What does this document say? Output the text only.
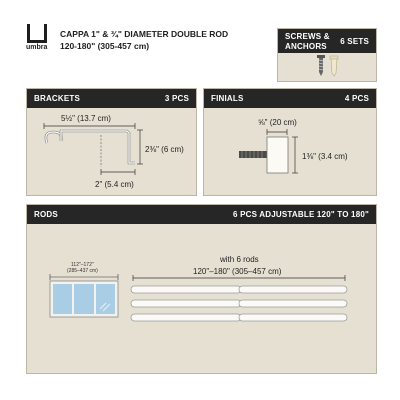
umbra
CAPPA 1" & ¾" DIAMETER DOUBLE ROD
120-180" (305-457 cm)
SCREWS &
ANCHORS
6 SETS
BRACKETS	3 PCS
5½" (13.7 cm)
2⅜" (6 cm)
2" (5.4 cm)
FINIALS	4 PCS
⅝" (20 cm)
1⅜" (3.4 cm)
RODS	6 PCS ADJUSTABLE 120" TO 180"
112"–172"
(285–437 cm)
with 6 rods
120"–180" (305–457 cm)
